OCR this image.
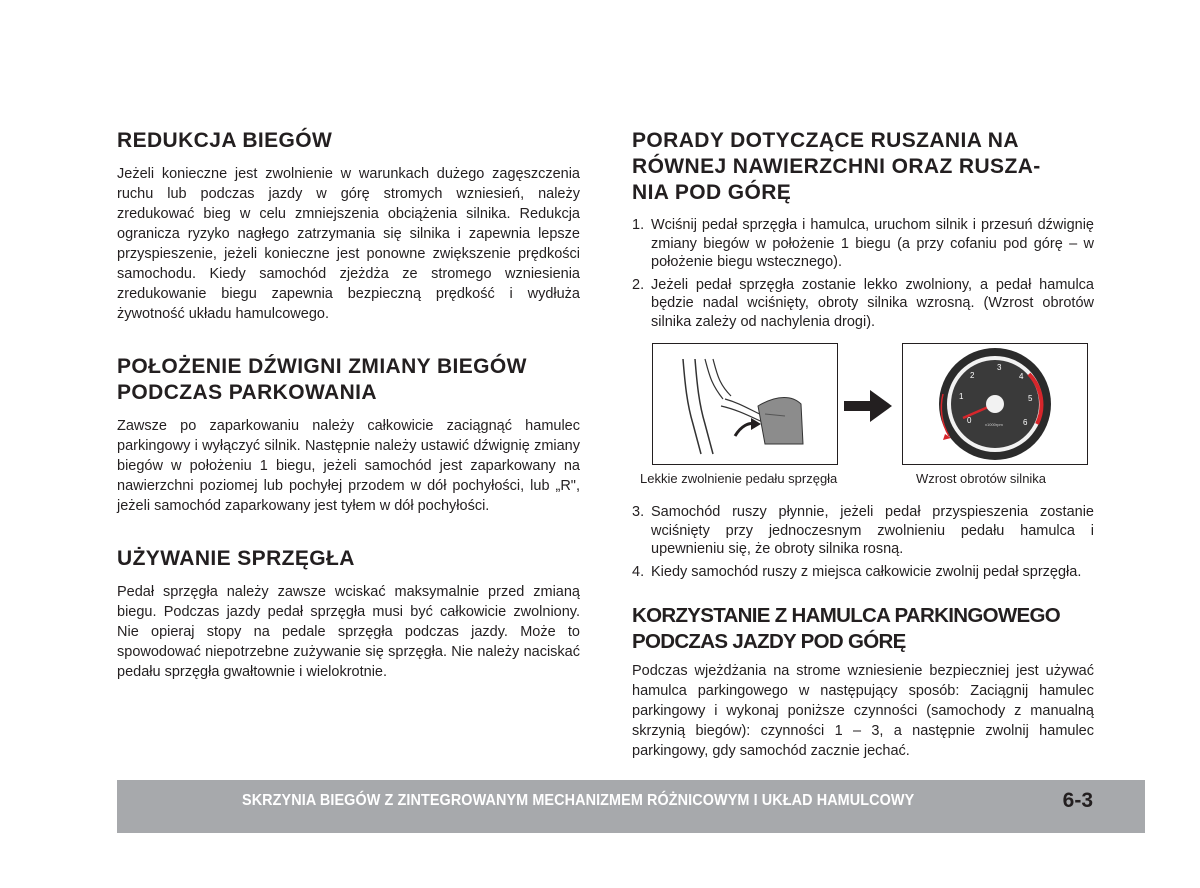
REDUKCJA BIEGÓW

Jeżeli konieczne jest zwolnienie w warunkach dużego zagęszczenia ruchu lub podczas jazdy w górę stromych wzniesień, należy zredukować bieg w celu zmniejszenia obciążenia silnika. Redukcja ogranicza ryzyko nagłego zatrzymania się silnika i zapewnia lepsze przyspieszenie, jeżeli konieczne jest ponowne zwiększenie prędkości samochodu. Kiedy samochód zjeżdża ze stromego wzniesienia zredukowanie biegu zapewnia bezpieczną prędkość i wydłuża żywotność układu hamulcowego.

POŁOŻENIE DŹWIGNI ZMIANY BIEGÓW
PODCZAS PARKOWANIA

Zawsze po zaparkowaniu należy całkowicie zaciągnąć hamulec parkingowy i wyłączyć silnik. Następnie należy ustawić dźwignię zmiany biegów w położeniu 1 biegu, jeżeli samochód jest zaparkowany na nawierzchni poziomej lub pochyłej przodem w dół pochyłości, lub „R", jeżeli samochód zaparkowany jest tyłem w dół pochyłości.

UŻYWANIE SPRZĘGŁA

Pedał sprzęgła należy zawsze wciskać maksymalnie przed zmianą biegu. Podczas jazdy pedał sprzęgła musi być całkowicie zwolniony. Nie opieraj stopy na pedale sprzęgła podczas jazdy. Może to spowodować niepotrzebne zużywanie się sprzęgła. Nie należy naciskać pedału sprzęgła gwałtownie i wielokrotnie.

PORADY DOTYCZĄCE RUSZANIA NA
RÓWNEJ NAWIERZCHNI ORAZ RUSZA-
NIA POD GÓRĘ
1. Wciśnij pedał sprzęgła i hamulca, uruchom silnik i przesuń dźwignię zmiany biegów w położenie 1 biegu (a przy cofaniu pod górę – w położenie biegu wstecznego).
2. Jeżeli pedał sprzęgła zostanie lekko zwolniony, a pedał hamulca będzie nadal wciśnięty, obroty silnika wzrosną. (Wzrost obrotów silnika zależy od nachylenia drogi).
0
1
2
3
4
5
6
x1000rpm
Lekkie zwolnienie pedału sprzęgła	Wzrost obrotów silnika
3. Samochód ruszy płynnie, jeżeli pedał przyspieszenia zostanie wciśnięty przy jednoczesnym zwolnieniu pedału hamulca i upewnieniu się, że obroty silnika rosną.
4. Kiedy samochód ruszy z miejsca całkowicie zwolnij pedał sprzęgła.
KORZYSTANIE Z HAMULCA PARKINGOWEGO
PODCZAS JAZDY POD GÓRĘ

Podczas wjeżdżania na strome wzniesienie bezpieczniej jest używać hamulca parkingowego w następujący sposób: Zaciągnij hamulec parkingowy i wykonaj poniższe czynności (samochody z manualną skrzynią biegów): czynności 1 – 3, a następnie zwolnij hamulec parkingowy, gdy samochód zacznie jechać.

SKRZYNIA BIEGÓW Z ZINTEGROWANYM MECHANIZMEM RÓŻNICOWYM I UKŁAD HAMULCOWY	6-3
